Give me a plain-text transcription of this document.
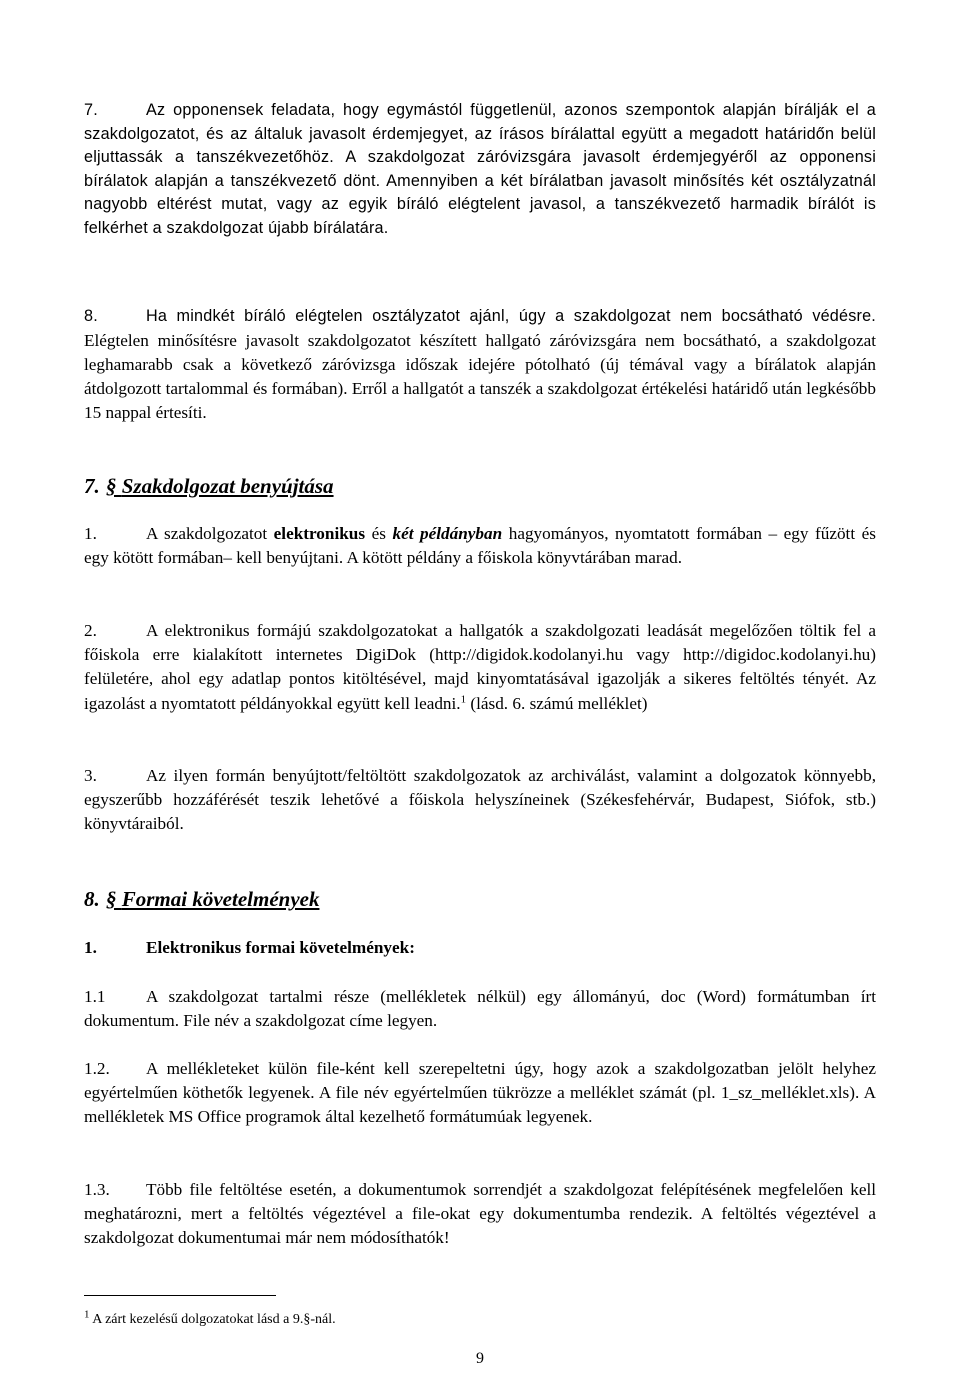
7.	Az opponensek feladata, hogy egymástól függetlenül, azonos szempontok alapján bírálják el a szakdolgozatot, és az általuk javasolt érdemjegyet, az írásos bírálattal együtt a megadott határidőn belül eljuttassák a tanszékvezetőhöz. A szakdolgozat záróvizsgára javasolt érdemjegyéről az opponensi bírálatok alapján a tanszékvezető dönt. Amennyiben a két bírálatban javasolt minősítés két osztályzatnál nagyobb eltérést mutat, vagy az egyik bíráló elégtelent javasol, a tanszékvezető harmadik bírálót is felkérhet a szakdolgozat újabb bírálatára.
8.	Ha mindkét bíráló elégtelen osztályzatot ajánl, úgy a szakdolgozat nem bocsátható védésre. Elégtelen minősítésre javasolt szakdolgozatot készített hallgató záróvizsgára nem bocsátható, a szakdolgozat leghamarabb csak a következő záróvizsga időszak idejére pótolható (új témával vagy a bírálatok alapján átdolgozott tartalommal és formában). Erről a hallgatót a tanszék a szakdolgozat értékelési határidő után legkésőbb 15 nappal értesíti.
7. § Szakdolgozat benyújtása
1.	A szakdolgozatot elektronikus és két példányban hagyományos, nyomtatott formában – egy fűzött és egy kötött formában– kell benyújtani. A kötött példány a főiskola könyvtárában marad.
2.	A elektronikus formájú szakdolgozatokat a hallgatók a szakdolgozati leadását megelőzően töltik fel a főiskola erre kialakított internetes DigiDok (http://digidok.kodolanyi.hu vagy http://digidoc.kodolanyi.hu) felületére, ahol egy adatlap pontos kitöltésével, majd kinyomtatásával igazolják a sikeres feltöltés tényét. Az igazolást a nyomtatott példányokkal együtt kell leadni.$^1$ (lásd. 6. számú melléklet)
3.	Az ilyen formán benyújtott/feltöltött szakdolgozatok az archiválást, valamint a dolgozatok könnyebb, egyszerűbb hozzáférését teszik lehetővé a főiskola helyszíneinek (Székesfehérvár, Budapest, Siófok, stb.) könyvtáraiból.
8. § Formai követelmények
1.	Elektronikus formai követelmények:
1.1 A szakdolgozat tartalmi része (mellékletek nélkül) egy állományú, doc (Word) formátumban írt dokumentum. File név a szakdolgozat címe legyen.
1.2. A mellékleteket külön file-ként kell szerepeltetni úgy, hogy azok a szakdolgozatban jelölt helyhez egyértelműen köthetők legyenek. A file név egyértelműen tükrözze a melléklet számát (pl. 1_sz_melléklet.xls). A mellékletek MS Office programok által kezelhető formátumúak legyenek.
1.3. Több file feltöltése esetén, a dokumentumok sorrendjét a szakdolgozat felépítésének megfelelően kell meghatározni, mert a feltöltés végeztével a file-okat egy dokumentumba rendezik. A feltöltés végeztével a szakdolgozat dokumentumai már nem módosíthatók!
$^1$ A zárt kezelésű dolgozatokat lásd a 9.§-nál.
9
